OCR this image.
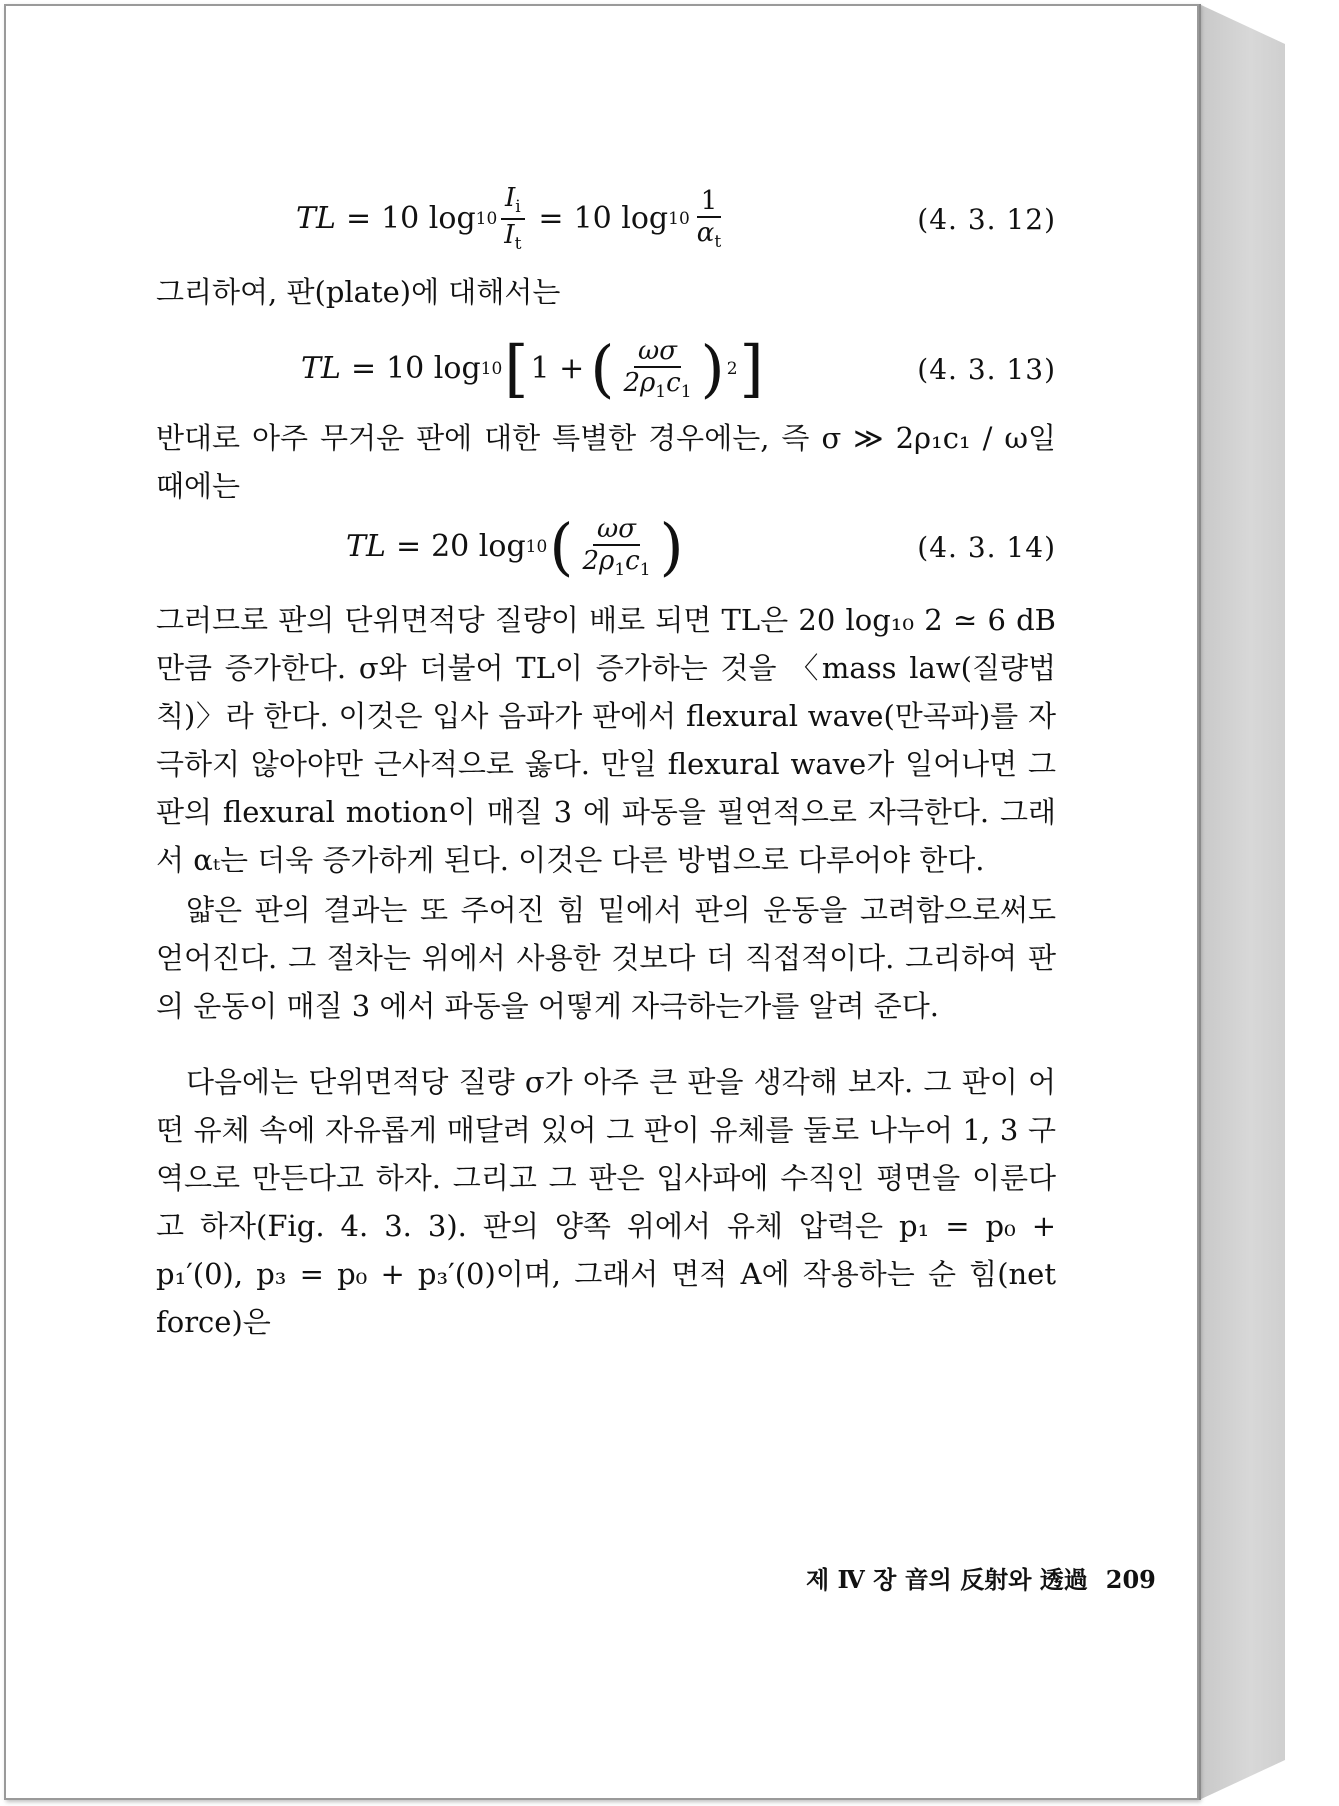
TL = 10 $\log 10 \frac{I_i}{I_t} = 10$ $\log 10 \frac{1}{\alpha_t}$	(4. 3. 12)
그리하여, 판(plate)에 대해서는
TL = 10 log 10 [ 1 + ( $\frac{\omega\sigma}{2\rho_1c_1}$ ) 2 ]	(4. 3. 13)
반대로 아주 무거운 판에 대한 특별한 경우에는, 즉 σ ≫ 2ρ₁c₁ / ω일 때에는
TL = 20 log 10 ( $\frac{\omega\sigma}{2\rho_1c_1}$ )	(4. 3. 14)
그러므로 판의 단위면적당 질량이 배로 되면 TL은 20 log₁₀ 2 ≃ 6 dB만큼 증가한다. σ와 더불어 TL이 증가하는 것을 〈mass law(질량법칙)〉라 한다. 이것은 입사 음파가 판에서 flexural wave(만곡파)를 자극하지 않아야만 근사적으로 옳다. 만일 flexural wave가 일어나면 그 판의 flexural motion이 매질 3 에 파동을 필연적으로 자극한다. 그래서 αₜ는 더욱 증가하게 된다. 이것은 다른 방법으로 다루어야 한다.
얇은 판의 결과는 또 주어진 힘 밑에서 판의 운동을 고려함으로써도 얻어진다. 그 절차는 위에서 사용한 것보다 더 직접적이다. 그리하여 판의 운동이 매질 3 에서 파동을 어떻게 자극하는가를 알려 준다.
다음에는 단위면적당 질량 σ가 아주 큰 판을 생각해 보자. 그 판이 어떤 유체 속에 자유롭게 매달려 있어 그 판이 유체를 둘로 나누어 1, 3 구역으로 만든다고 하자. 그리고 그 판은 입사파에 수직인 평면을 이룬다고 하자(Fig. 4. 3. 3). 판의 양쪽 위에서 유체 압력은 p₁ = p₀ + p₁′(0), p₃ = p₀ + p₃′(0)이며, 그래서 면적 A에 작용하는 순 힘(net force)은
제 Ⅳ 장 音의 反射와 透過 209
